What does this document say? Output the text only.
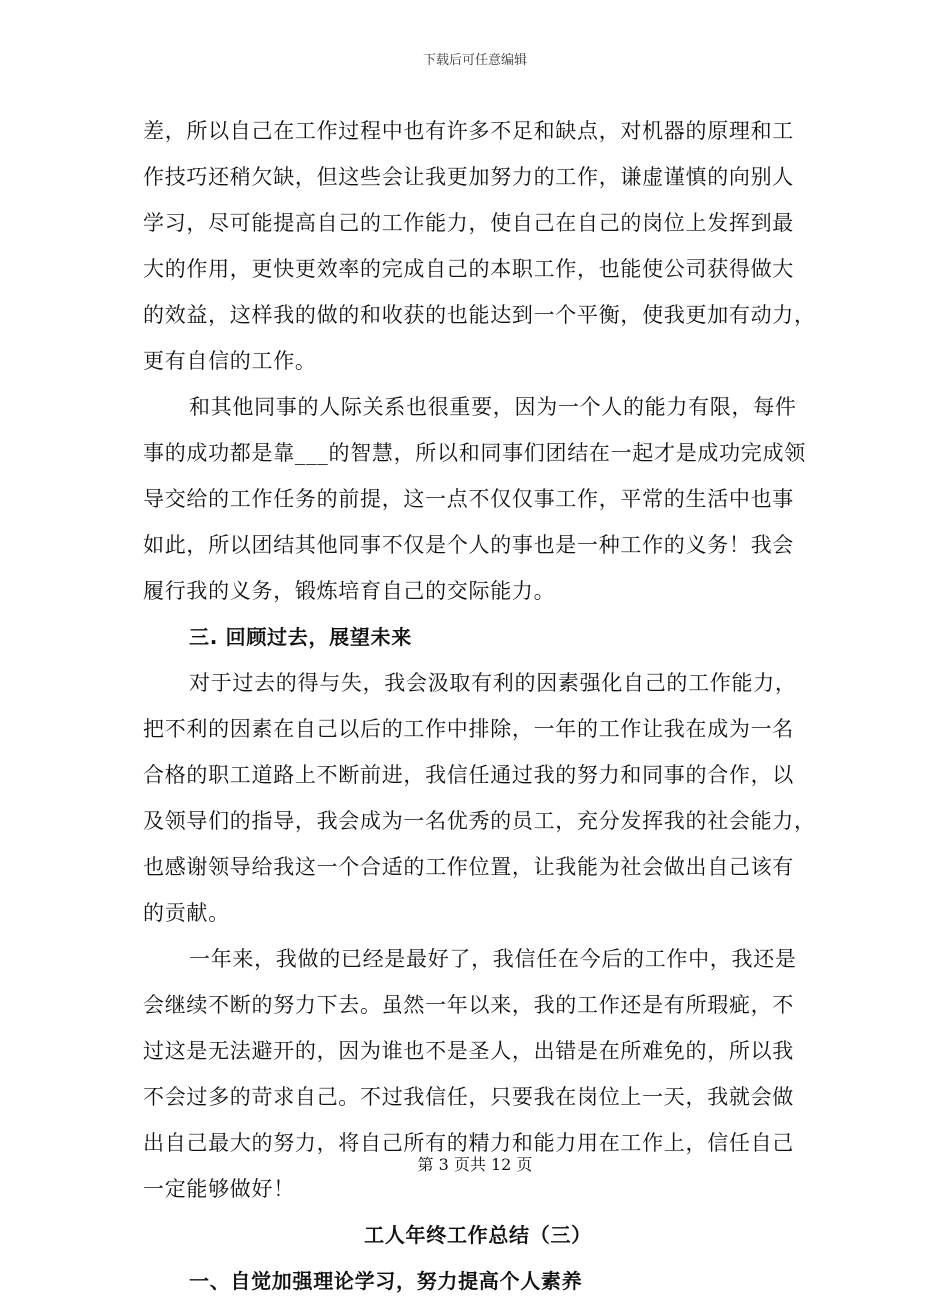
下载后可任意编辑
差，所以自己在工作过程中也有许多不足和缺点，对机器的原理和工
作技巧还稍欠缺，但这些会让我更加努力的工作，谦虚谨慎的向别人
学习，尽可能提高自己的工作能力，使自己在自己的岗位上发挥到最
大的作用，更快更效率的完成自己的本职工作，也能使公司获得做大
的效益，这样我的做的和收获的也能达到一个平衡，使我更加有动力，
更有自信的工作。
和其他同事的人际关系也很重要，因为一个人的能力有限，每件
事的成功都是靠___的智慧，所以和同事们团结在一起才是成功完成领
导交给的工作任务的前提，这一点不仅仅事工作，平常的生活中也事
如此，所以团结其他同事不仅是个人的事也是一种工作的义务！我会
履行我的义务，锻炼培育自己的交际能力。
三. 回顾过去，展望未来
对于过去的得与失，我会汲取有利的因素强化自己的工作能力，
把不利的因素在自己以后的工作中排除，一年的工作让我在成为一名
合格的职工道路上不断前进，我信任通过我的努力和同事的合作，以
及领导们的指导，我会成为一名优秀的员工，充分发挥我的社会能力，
也感谢领导给我这一个合适的工作位置，让我能为社会做出自己该有
的贡献。
一年来，我做的已经是最好了，我信任在今后的工作中，我还是
会继续不断的努力下去。虽然一年以来，我的工作还是有所瑕疵，不
过这是无法避开的，因为谁也不是圣人，出错是在所难免的，所以我
不会过多的苛求自己。不过我信任，只要我在岗位上一天，我就会做
出自己最大的努力，将自己所有的精力和能力用在工作上，信任自己
一定能够做好！
工人年终工作总结（三）
一、自觉加强理论学习，努力提高个人素养
第 3 页共 12 页
